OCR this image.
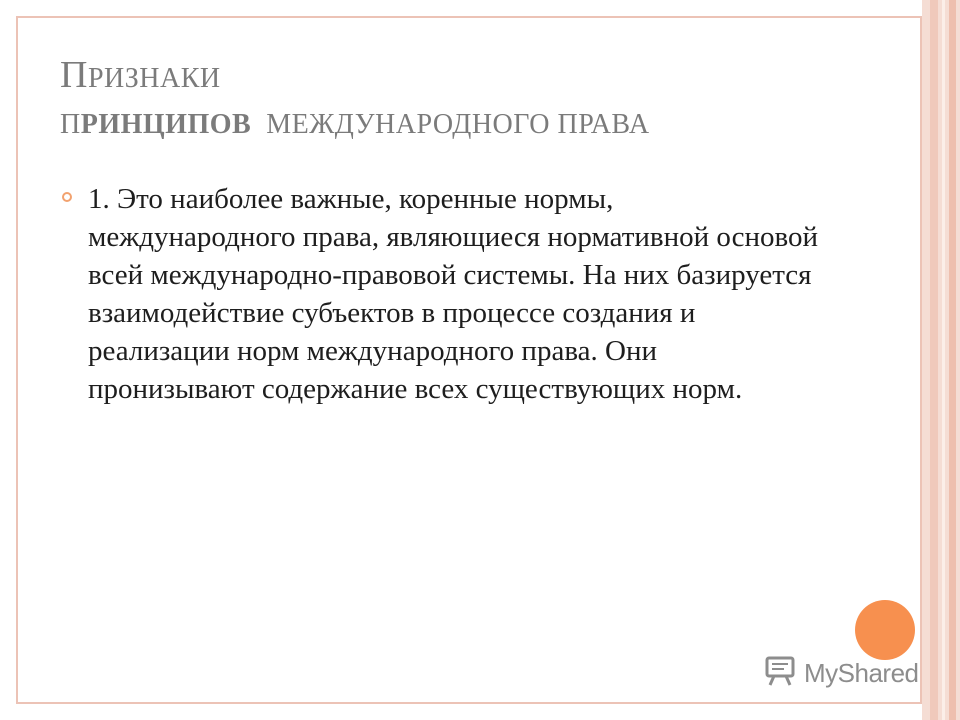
ПРИЗНАКИ
ПРИНЦИПОВ МЕЖДУНАРОДНОГО ПРАВА
1. Это наиболее важные, коренные нормы, международного права, являющиеся нормативной основой всей международно-правовой системы. На них базируется взаимодействие субъектов в процессе создания и реализации норм международного права. Они пронизывают содержание всех существующих норм.
MyShared
